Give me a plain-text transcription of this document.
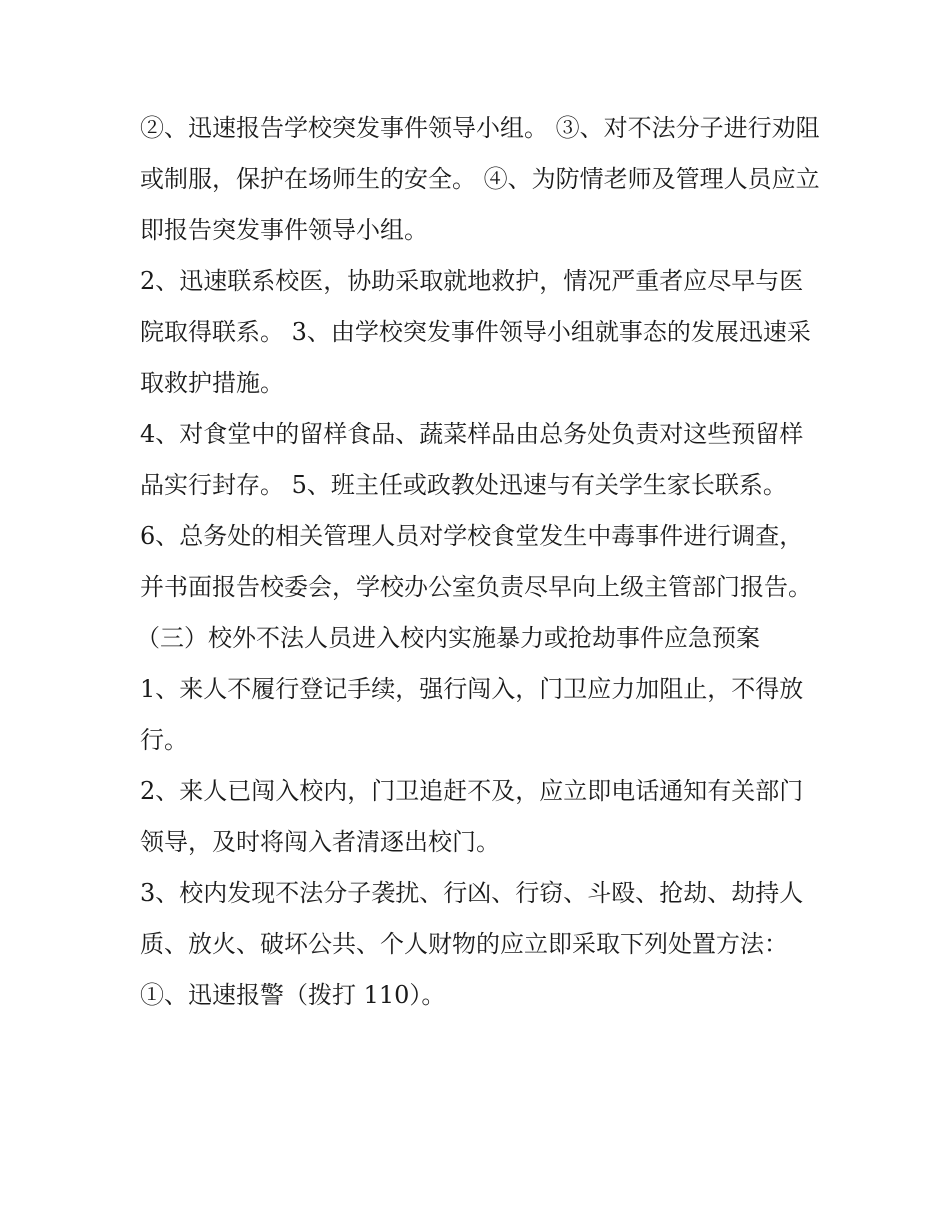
②、迅速报告学校突发事件领导小组。 ③、对不法分子进行劝阻或制服，保护在场师生的安全。 ④、为防情老师及管理人员应立即报告突发事件领导小组。

2、迅速联系校医，协助采取就地救护，情况严重者应尽早与医院取得联系。 3、由学校突发事件领导小组就事态的发展迅速采取救护措施。

4、对食堂中的留样食品、蔬菜样品由总务处负责对这些预留样品实行封存。 5、班主任或政教处迅速与有关学生家长联系。

6、总务处的相关管理人员对学校食堂发生中毒事件进行调查，并书面报告校委会，学校办公室负责尽早向上级主管部门报告。

（三）校外不法人员进入校内实施暴力或抢劫事件应急预案

1、来人不履行登记手续，强行闯入，门卫应力加阻止，不得放行。

2、来人已闯入校内，门卫追赶不及，应立即电话通知有关部门领导，及时将闯入者清逐出校门。

3、校内发现不法分子袭扰、行凶、行窃、斗殴、抢劫、劫持人质、放火、破坏公共、个人财物的应立即采取下列处置方法： ①、迅速报警（拨打 110）。
